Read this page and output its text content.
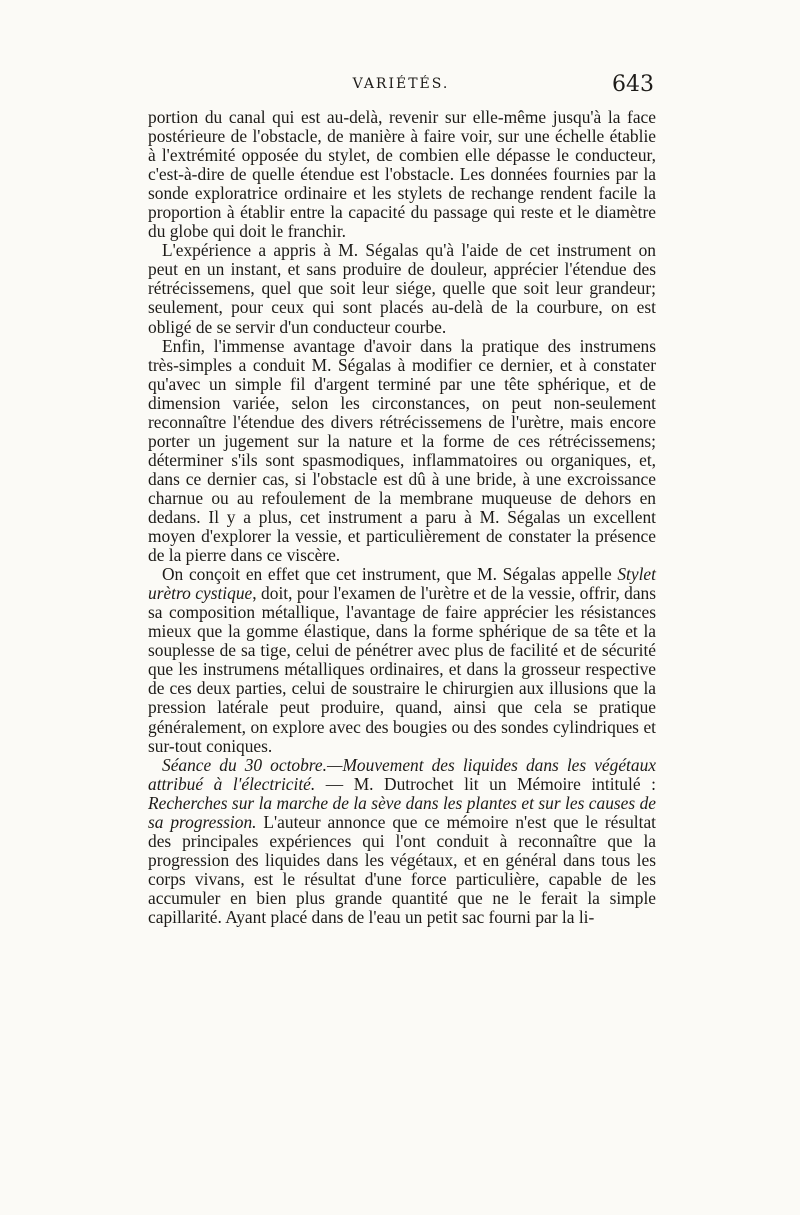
VARIÉTÉS.	643

portion du canal qui est au-delà, revenir sur elle-même jusqu'à la face postérieure de l'obstacle, de manière à faire voir, sur une échelle établie à l'extrémité opposée du stylet, de combien elle dépasse le conducteur, c'est-à-dire de quelle étendue est l'obstacle. Les données fournies par la sonde exploratrice ordinaire et les stylets de rechange rendent facile la proportion à établir entre la capacité du passage qui reste et le diamètre du globe qui doit le franchir.

L'expérience a appris à M. Ségalas qu'à l'aide de cet instrument on peut en un instant, et sans produire de douleur, apprécier l'étendue des rétrécissemens, quel que soit leur siége, quelle que soit leur grandeur; seulement, pour ceux qui sont placés au-delà de la courbure, on est obligé de se servir d'un conducteur courbe.

Enfin, l'immense avantage d'avoir dans la pratique des instrumens très-simples a conduit M. Ségalas à modifier ce dernier, et à constater qu'avec un simple fil d'argent terminé par une tête sphérique, et de dimension variée, selon les circonstances, on peut non-seulement reconnaître l'étendue des divers rétrécissemens de l'urètre, mais encore porter un jugement sur la nature et la forme de ces rétrécissemens; déterminer s'ils sont spasmodiques, inflammatoires ou organiques, et, dans ce dernier cas, si l'obstacle est dû à une bride, à une excroissance charnue ou au refoulement de la membrane muqueuse de dehors en dedans. Il y a plus, cet instrument a paru à M. Ségalas un excellent moyen d'explorer la vessie, et particulièrement de constater la présence de la pierre dans ce viscère.

On conçoit en effet que cet instrument, que M. Ségalas appelle Stylet urètro cystique, doit, pour l'examen de l'urètre et de la vessie, offrir, dans sa composition métallique, l'avantage de faire apprécier les résistances mieux que la gomme élastique, dans la forme sphérique de sa tête et la souplesse de sa tige, celui de pénétrer avec plus de facilité et de sécurité que les instrumens métalliques ordinaires, et dans la grosseur respective de ces deux parties, celui de soustraire le chirurgien aux illusions que la pression latérale peut produire, quand, ainsi que cela se pratique généralement, on explore avec des bougies ou des sondes cylindriques et sur-tout coniques.

Séance du 30 octobre.—Mouvement des liquides dans les végétaux attribué à l'électricité. — M. Dutrochet lit un Mémoire intitulé : Recherches sur la marche de la sève dans les plantes et sur les causes de sa progression. L'auteur annonce que ce mémoire n'est que le résultat des principales expériences qui l'ont conduit à reconnaître que la progression des liquides dans les végétaux, et en général dans tous les corps vivans, est le résultat d'une force particulière, capable de les accumuler en bien plus grande quantité que ne le ferait la simple capillarité. Ayant placé dans de l'eau un petit sac fourni par la li-
